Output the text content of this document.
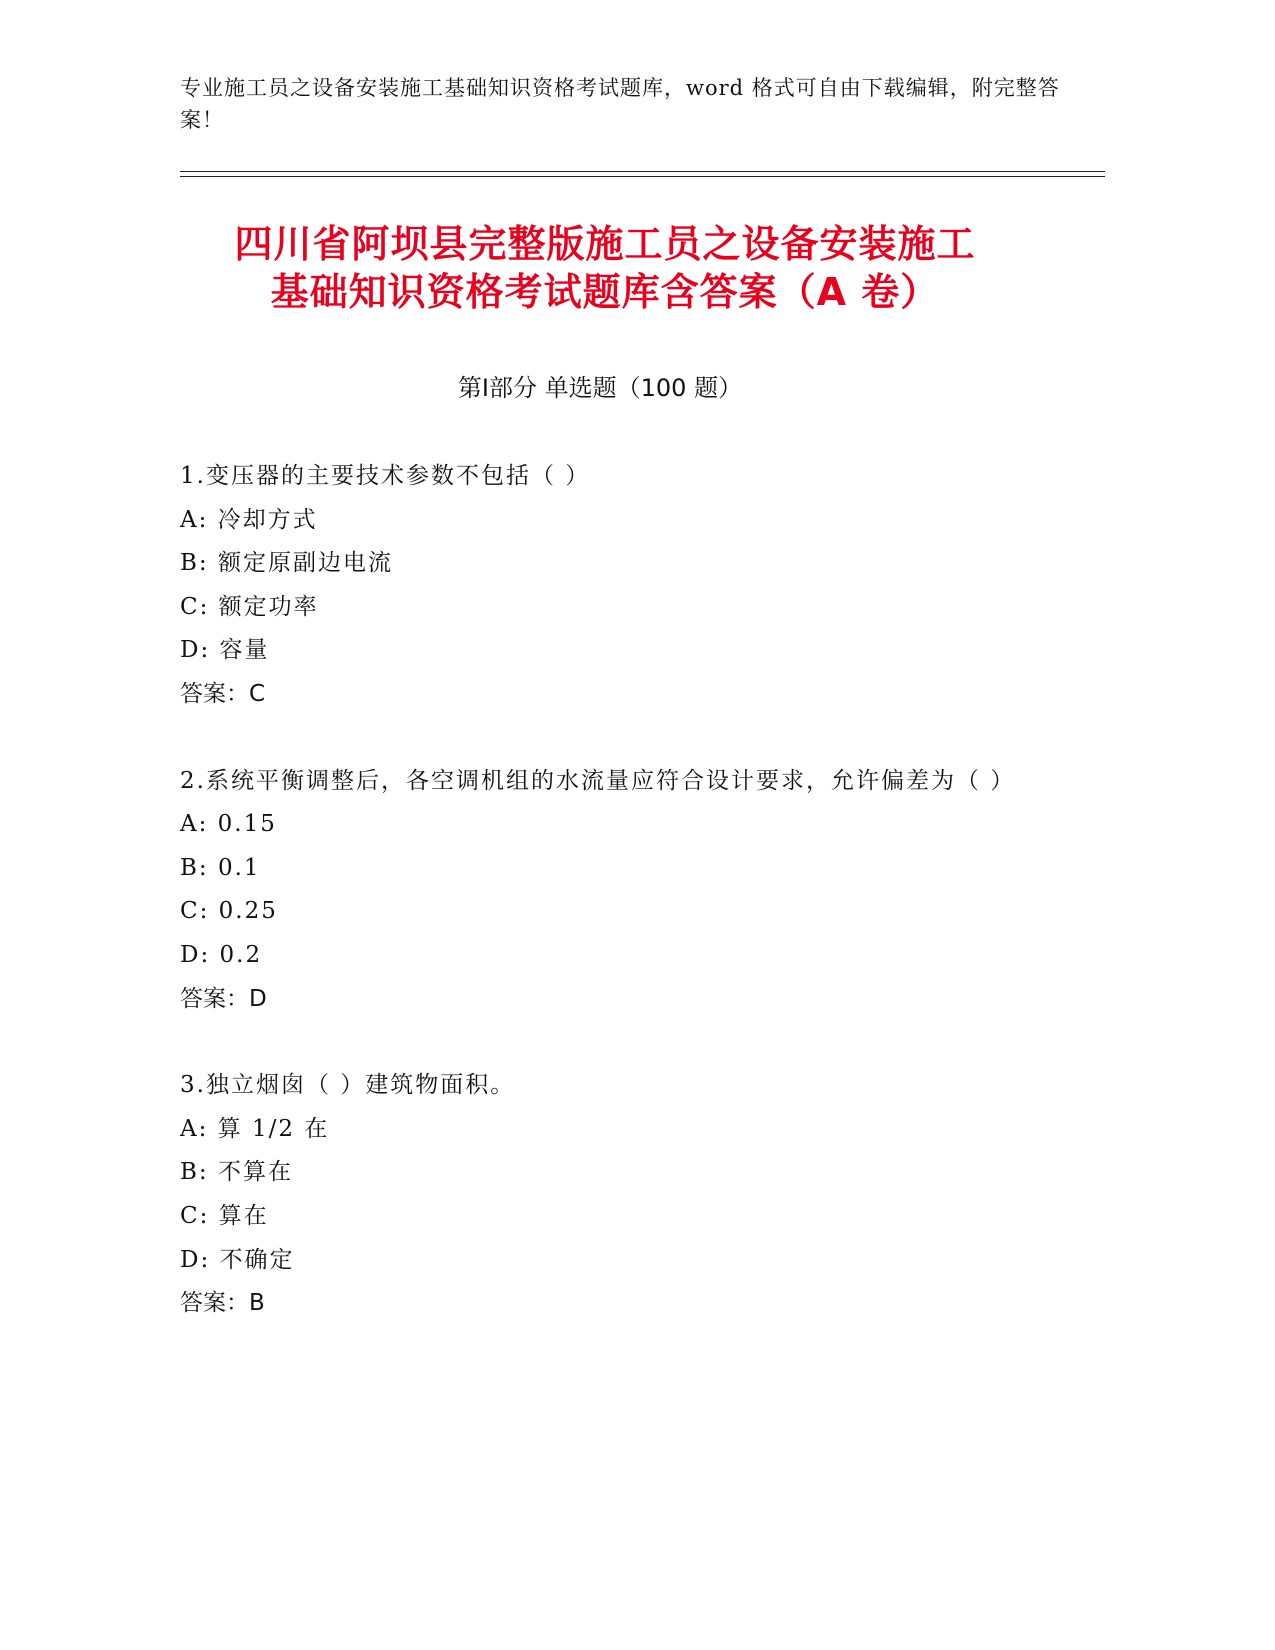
专业施工员之设备安装施工基础知识资格考试题库，word 格式可自由下载编辑，附完整答案！
四川省阿坝县完整版施工员之设备安装施工
基础知识资格考试题库含答案（A 卷）
第Ⅰ部分 单选题（100 题）
1.变压器的主要技术参数不包括（ ）
A: 冷却方式
B: 额定原副边电流
C: 额定功率
D: 容量
答案：C
2.系统平衡调整后，各空调机组的水流量应符合设计要求，允许偏差为（ ）
A: 0.15
B: 0.1
C: 0.25
D: 0.2
答案：D
3.独立烟囱（ ）建筑物面积。
A: 算 1/2 在
B: 不算在
C: 算在
D: 不确定
答案：B
